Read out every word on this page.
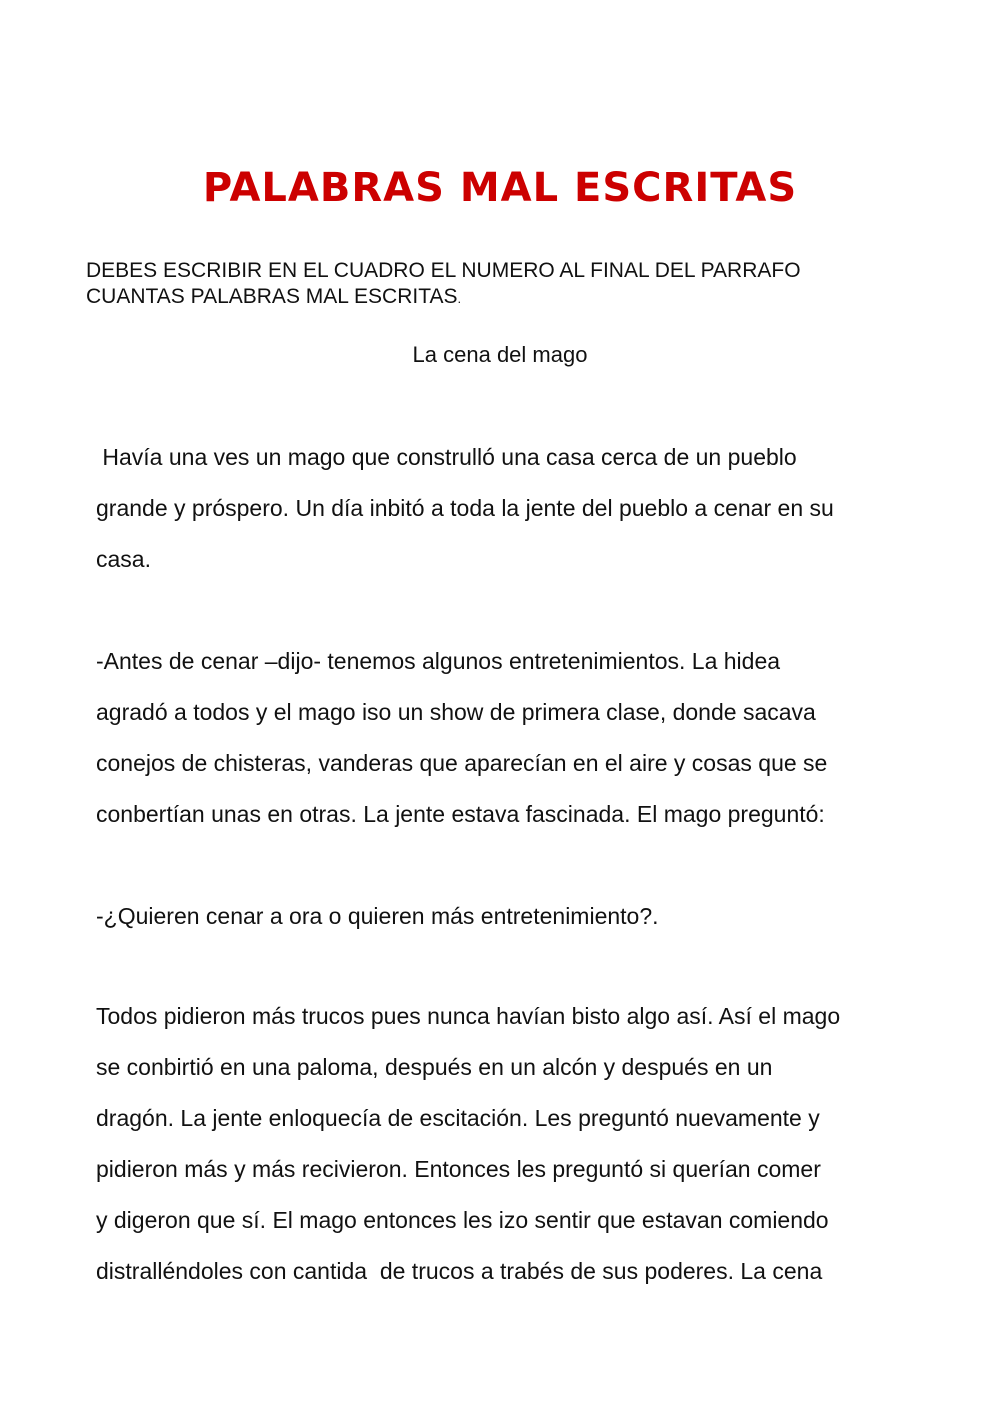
PALABRAS MAL ESCRITAS
DEBES ESCRIBIR EN EL CUADRO EL NUMERO AL FINAL DEL PARRAFO
CUANTAS PALABRAS MAL ESCRITAS.
La cena del mago
Havía una ves un mago que construlló una casa cerca de un pueblo
grande y próspero. Un día inbitó a toda la jente del pueblo a cenar en su
casa.
-Antes de cenar –dijo- tenemos algunos entretenimientos. La hidea
agradó a todos y el mago iso un show de primera clase, donde sacava
conejos de chisteras, vanderas que aparecían en el aire y cosas que se
conbertían unas en otras. La jente estava fascinada. El mago preguntó:
-¿Quieren cenar a ora o quieren más entretenimiento?.
Todos pidieron más trucos pues nunca havían bisto algo así. Así el mago
se conbirtió en una paloma, después en un alcón y después en un
dragón. La jente enloquecía de escitación. Les preguntó nuevamente y
pidieron más y más recivieron. Entonces les preguntó si querían comer
y digeron que sí. El mago entonces les izo sentir que estavan comiendo
distralléndoles con cantida  de trucos a trabés de sus poderes. La cena
